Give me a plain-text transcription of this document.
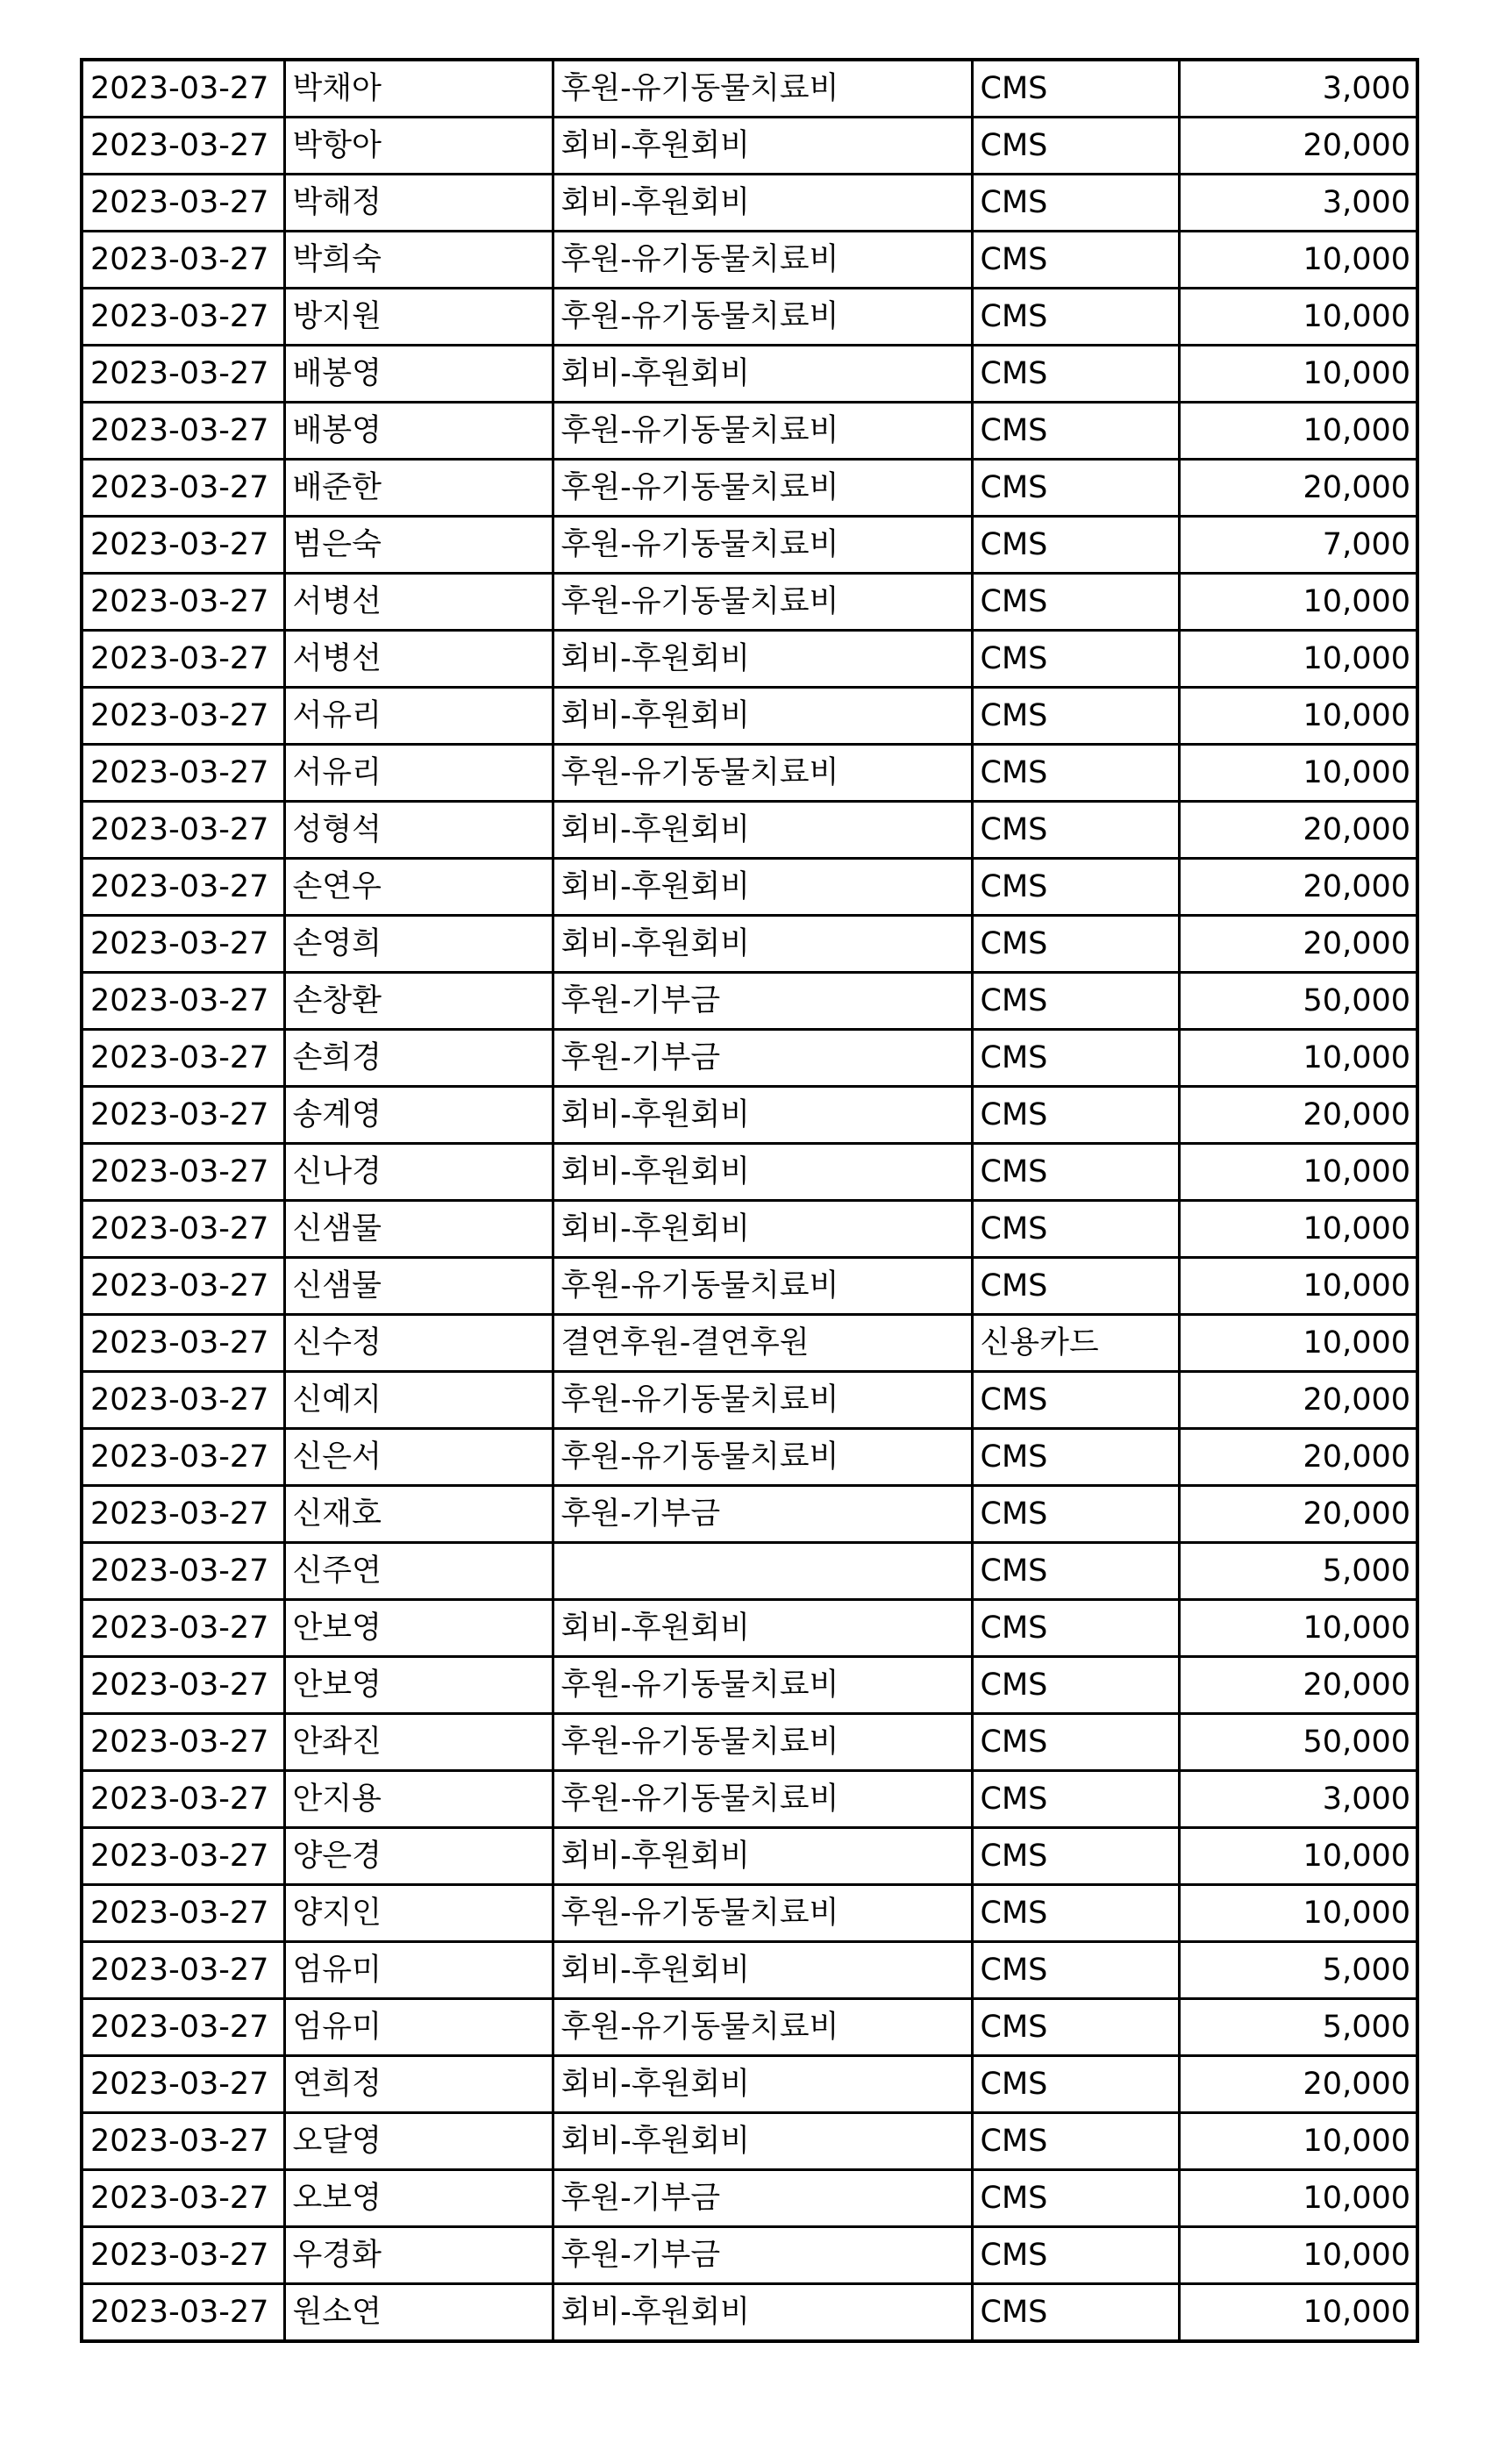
2023-03-27	박채아	후원-유기동물치료비	CMS	3,000
2023-03-27	박항아	회비-후원회비	CMS	20,000
2023-03-27	박해정	회비-후원회비	CMS	3,000
2023-03-27	박희숙	후원-유기동물치료비	CMS	10,000
2023-03-27	방지원	후원-유기동물치료비	CMS	10,000
2023-03-27	배봉영	회비-후원회비	CMS	10,000
2023-03-27	배봉영	후원-유기동물치료비	CMS	10,000
2023-03-27	배준한	후원-유기동물치료비	CMS	20,000
2023-03-27	범은숙	후원-유기동물치료비	CMS	7,000
2023-03-27	서병선	후원-유기동물치료비	CMS	10,000
2023-03-27	서병선	회비-후원회비	CMS	10,000
2023-03-27	서유리	회비-후원회비	CMS	10,000
2023-03-27	서유리	후원-유기동물치료비	CMS	10,000
2023-03-27	성형석	회비-후원회비	CMS	20,000
2023-03-27	손연우	회비-후원회비	CMS	20,000
2023-03-27	손영희	회비-후원회비	CMS	20,000
2023-03-27	손창환	후원-기부금	CMS	50,000
2023-03-27	손희경	후원-기부금	CMS	10,000
2023-03-27	송계영	회비-후원회비	CMS	20,000
2023-03-27	신나경	회비-후원회비	CMS	10,000
2023-03-27	신샘물	회비-후원회비	CMS	10,000
2023-03-27	신샘물	후원-유기동물치료비	CMS	10,000
2023-03-27	신수정	결연후원-결연후원	신용카드	10,000
2023-03-27	신예지	후원-유기동물치료비	CMS	20,000
2023-03-27	신은서	후원-유기동물치료비	CMS	20,000
2023-03-27	신재호	후원-기부금	CMS	20,000
2023-03-27	신주연		CMS	5,000
2023-03-27	안보영	회비-후원회비	CMS	10,000
2023-03-27	안보영	후원-유기동물치료비	CMS	20,000
2023-03-27	안좌진	후원-유기동물치료비	CMS	50,000
2023-03-27	안지용	후원-유기동물치료비	CMS	3,000
2023-03-27	양은경	회비-후원회비	CMS	10,000
2023-03-27	양지인	후원-유기동물치료비	CMS	10,000
2023-03-27	엄유미	회비-후원회비	CMS	5,000
2023-03-27	엄유미	후원-유기동물치료비	CMS	5,000
2023-03-27	연희정	회비-후원회비	CMS	20,000
2023-03-27	오달영	회비-후원회비	CMS	10,000
2023-03-27	오보영	후원-기부금	CMS	10,000
2023-03-27	우경화	후원-기부금	CMS	10,000
2023-03-27	원소연	회비-후원회비	CMS	10,000
